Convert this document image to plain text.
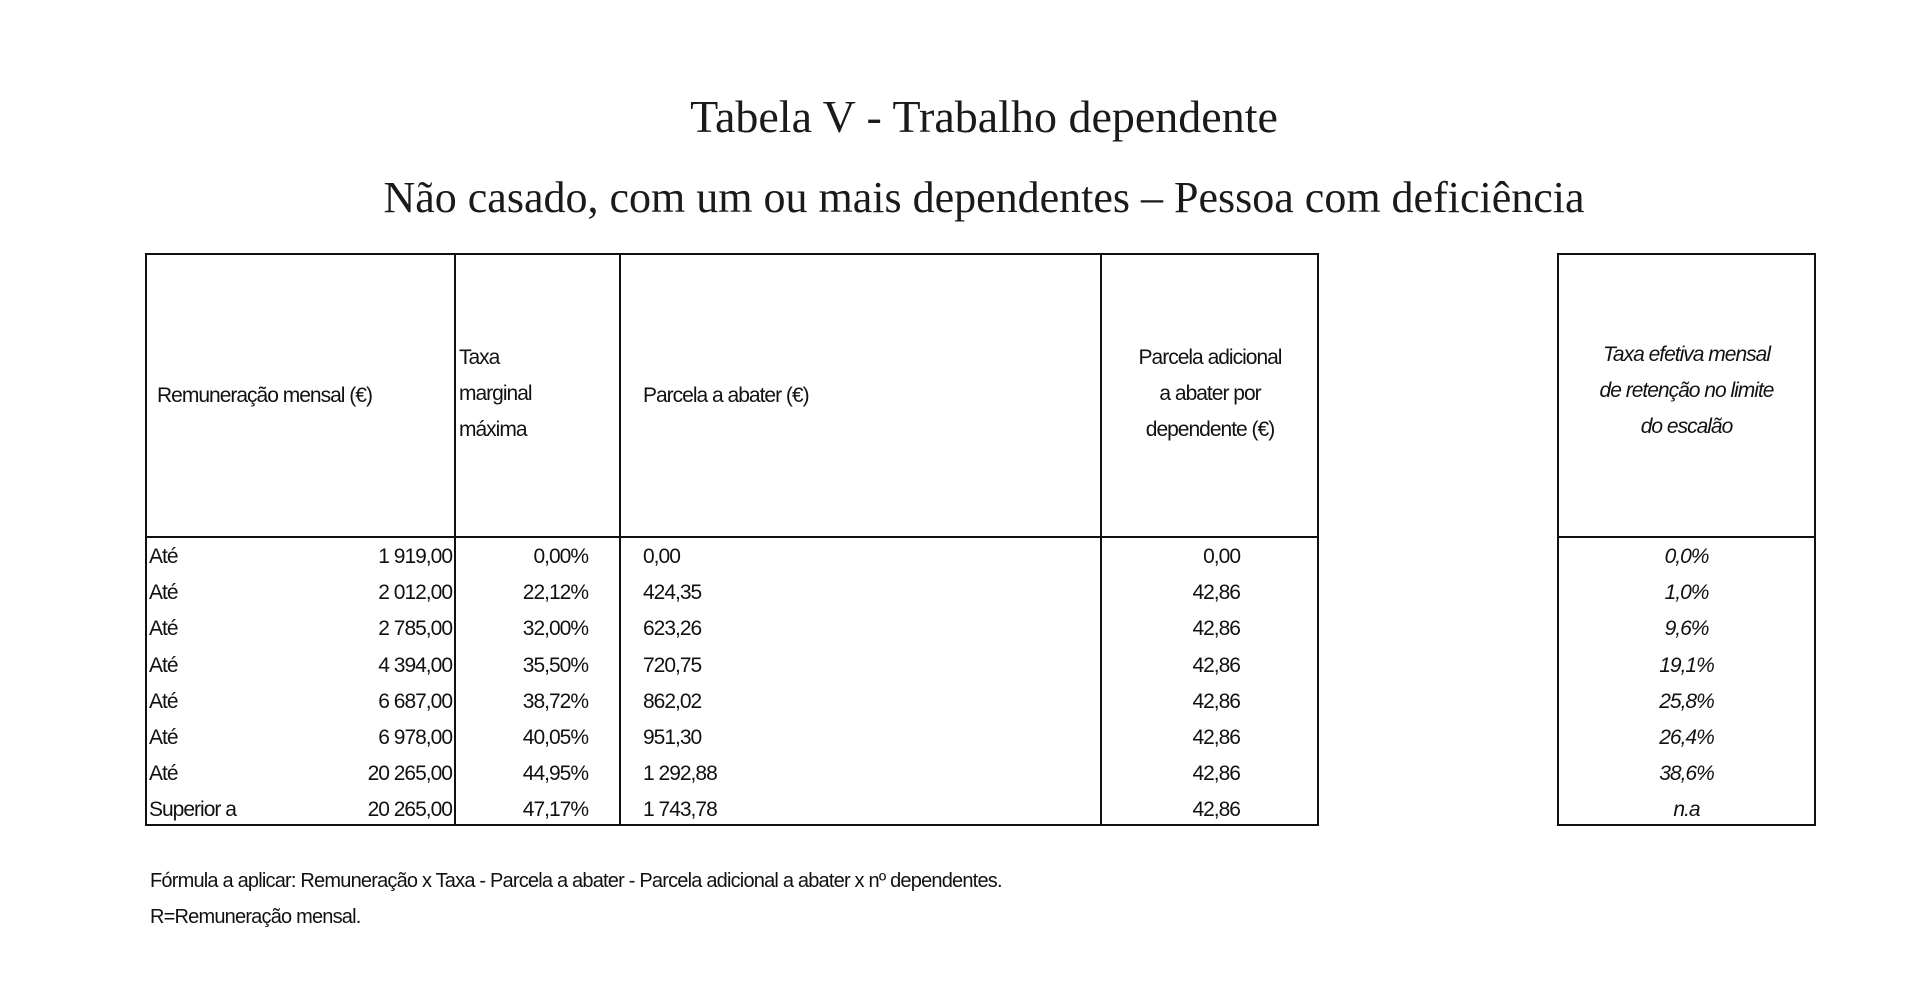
Tabela V - Trabalho dependente
Não casado, com um ou mais dependentes – Pessoa com deficiência
Remuneração mensal (€)
Taxa
marginal
máxima
Parcela a abater (€)
Parcela adicional
a abater por
dependente (€)
Taxa efetiva mensal
de retenção no limite
do escalão
Até	1 919,00	0,00%	0,00	0,00	0,0%
Até	2 012,00	22,12%	424,35	42,86	1,0%
Até	2 785,00	32,00%	623,26	42,86	9,6%
Até	4 394,00	35,50%	720,75	42,86	19,1%
Até	6 687,00	38,72%	862,02	42,86	25,8%
Até	6 978,00	40,05%	951,30	42,86	26,4%
Até	20 265,00	44,95%	1 292,88	42,86	38,6%
Superior a	20 265,00	47,17%	1 743,78	42,86	n.a
Fórmula a aplicar: Remuneração x Taxa - Parcela a abater - Parcela adicional a abater x nº dependentes.
R=Remuneração mensal.
